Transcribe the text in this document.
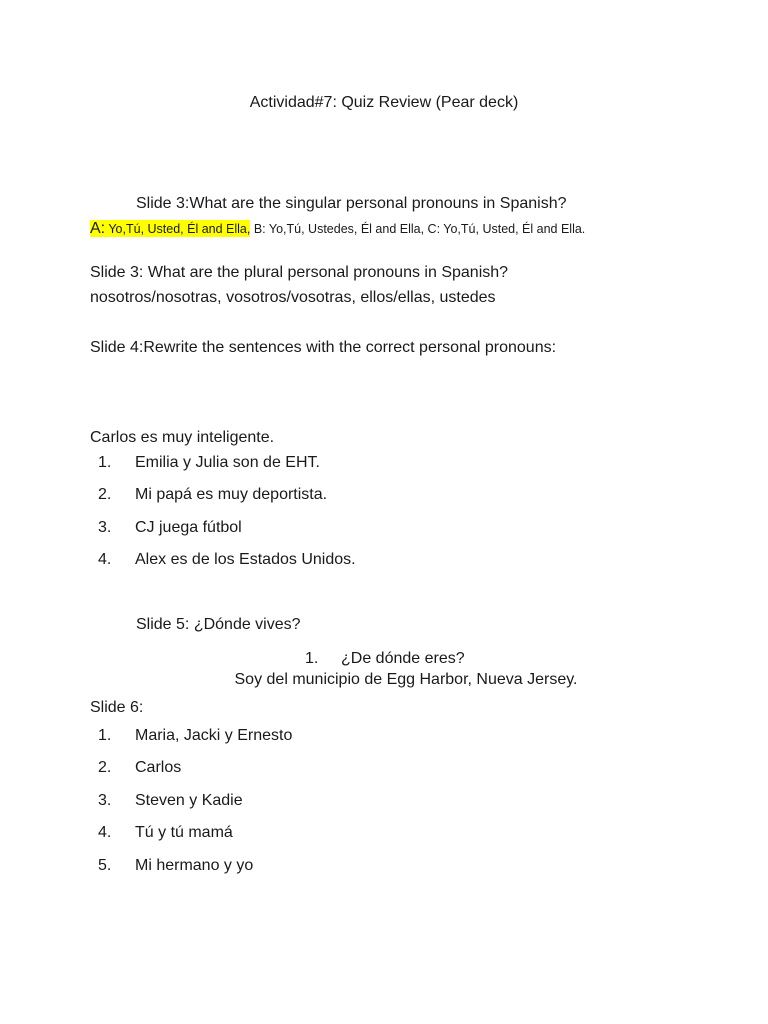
Actividad#7: Quiz Review (Pear deck)
Slide 3:What are the singular personal pronouns in Spanish?
A: Yo,Tú, Usted, Él and Ella, B: Yo,Tú, Ustedes, Él and Ella, C: Yo,Tú, Usted, Él and Ella.
Slide 3: What are the plural personal pronouns in Spanish?
nosotros/nosotras, vosotros/vosotras, ellos/ellas, ustedes
Slide 4:Rewrite the sentences with the correct personal pronouns:
Carlos es muy inteligente.
1. Emilia y Julia son de EHT.
2. Mi papá es muy deportista.
3. CJ juega fútbol
4. Alex es de los Estados Unidos.
Slide 5: ¿Dónde vives?
1. ¿De dónde eres?
Soy del municipio de Egg Harbor, Nueva Jersey.
Slide 6:
1. Maria, Jacki y Ernesto
2. Carlos
3. Steven y Kadie
4. Tú y tú mamá
5. Mi hermano y yo
